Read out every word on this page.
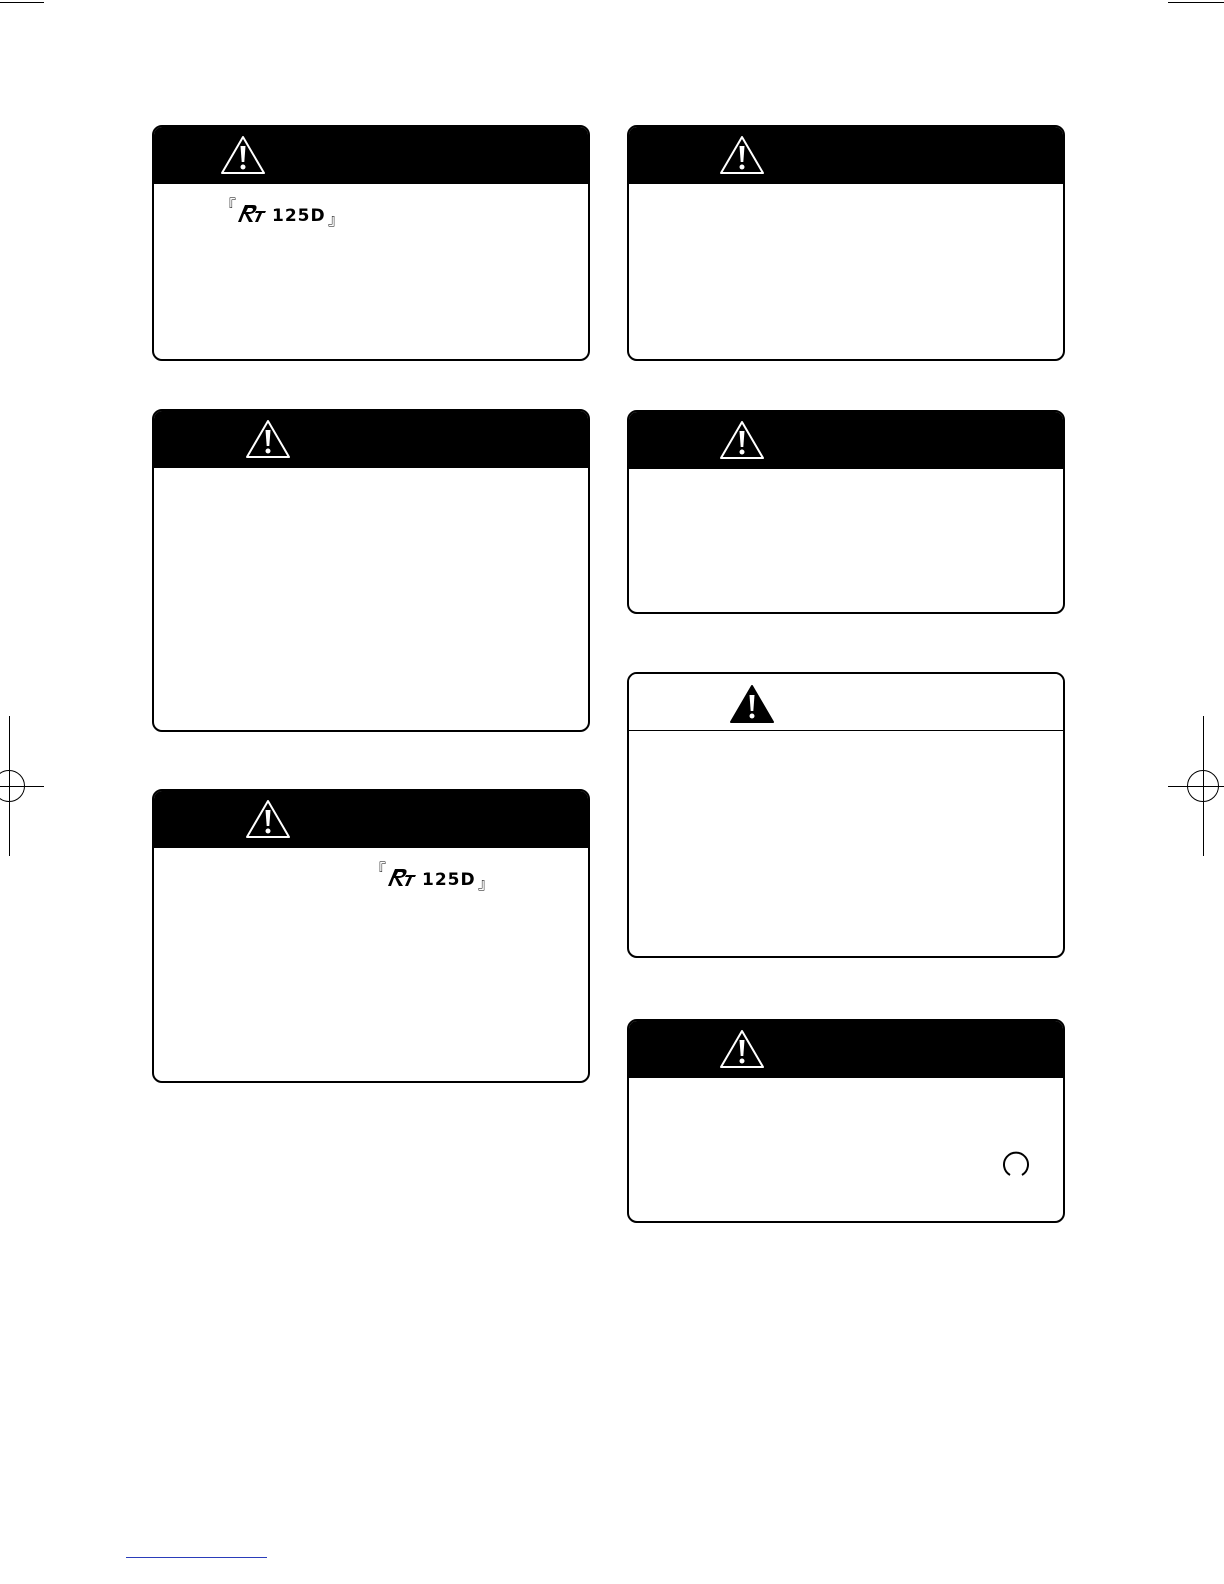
『
125D 』
『
125D 』
